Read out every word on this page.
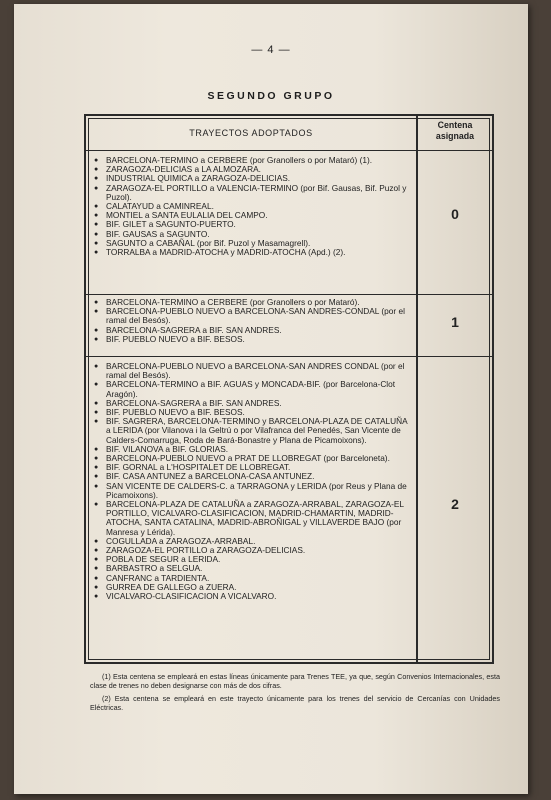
— 4 —
SEGUNDO GRUPO
TRAYECTOS ADOPTADOS
Centena
asignada
● BARCELONA-TERMINO a CERBERE (por Granollers o por Mataró) (1).
● ZARAGOZA-DELICIAS a LA ALMOZARA.
● INDUSTRIAL QUIMICA a ZARAGOZA-DELICIAS.
● ZARAGOZA-EL PORTILLO a VALENCIA-TERMINO (por Bif. Gausas, Bif. Puzol y Puzol).
● CALATAYUD a CAMINREAL.
● MONTIEL a SANTA EULALIA DEL CAMPO.
● BIF. GILET a SAGUNTO-PUERTO.
● BIF. GAUSAS a SAGUNTO.
● SAGUNTO a CABAÑAL (por Bif. Puzol y Masamagrell).
● TORRALBA a MADRID-ATOCHA y MADRID-ATOCHA (Apd.) (2).
0
● BARCELONA-TERMINO a CERBERE (por Granollers o por Mataró).
● BARCELONA-PUEBLO NUEVO a BARCELONA-SAN ANDRES-CONDAL (por el ramal del Besós).
● BARCELONA-SAGRERA a BIF. SAN ANDRES.
● BIF. PUEBLO NUEVO a BIF. BESOS.
1
● BARCELONA-PUEBLO NUEVO a BARCELONA-SAN ANDRES CONDAL (por el ramal del Besós).
● BARCELONA-TERMINO a BIF. AGUAS y MONCADA-BIF. (por Barcelona-Clot Aragón).
● BARCELONA-SAGRERA a BIF. SAN ANDRES.
● BIF. PUEBLO NUEVO a BIF. BESOS.
● BIF. SAGRERA, BARCELONA-TERMINO y BARCELONA-PLAZA DE CATALUÑA a LERIDA (por Vilanova i la Geltrú o por Vilafranca del Penedés, San Vicente de Calders-Comarruga, Roda de Bará-Bonastre y Plana de Picamoixons).
● BIF. VILANOVA a BIF. GLORIAS.
● BARCELONA-PUEBLO NUEVO a PRAT DE LLOBREGAT (por Barceloneta).
● BIF. GORNAL a L'HOSPITALET DE LLOBREGAT.
● BIF. CASA ANTUNEZ a BARCELONA-CASA ANTUNEZ.
● SAN VICENTE DE CALDERS-C. a TARRAGONA y LERIDA (por Reus y Plana de Picamoixons).
● BARCELONA-PLAZA DE CATALUÑA a ZARAGOZA-ARRABAL, ZARAGOZA-EL PORTILLO, VICALVARO-CLASIFICACION, MADRID-CHAMARTIN, MADRID-ATOCHA, SANTA CATALINA, MADRID-ABROÑIGAL y VILLAVERDE BAJO (por Manresa y Lérida).
● COGULLADA a ZARAGOZA-ARRABAL.
● ZARAGOZA-EL PORTILLO a ZARAGOZA-DELICIAS.
● POBLA DE SEGUR a LERIDA.
● BARBASTRO a SELGUA.
● CANFRANC a TARDIENTA.
● GURREA DE GALLEGO a ZUERA.
● VICALVARO-CLASIFICACION A VICALVARO.
2

(1) Esta centena se empleará en estas líneas únicamente para Trenes TEE, ya que, según Convenios Internacionales, esta clase de trenes no deben designarse con más de dos cifras.

(2) Esta centena se empleará en este trayecto únicamente para los trenes del servicio de Cercanías con Unidades Eléctricas.
